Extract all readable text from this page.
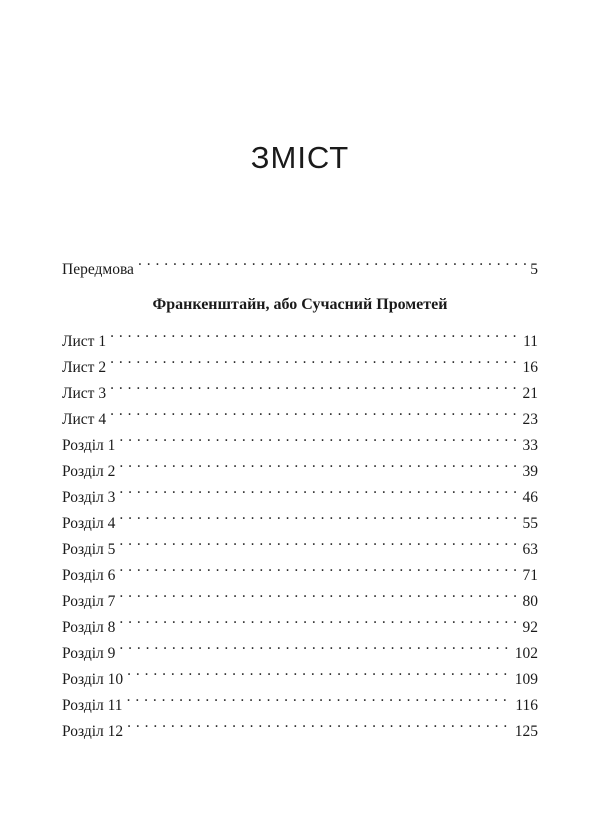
ЗМІСТ
Передмова . . .	5
Франкенштайн, або Сучасний Прометей
Лист 1 . . .	11
Лист 2 . . .	16
Лист 3 . . .	21
Лист 4 . . .	23
Розділ 1 . . .	33
Розділ 2 . . .	39
Розділ 3 . . .	46
Розділ 4 . . .	55
Розділ 5 . . .	63
Розділ 6 . . .	71
Розділ 7 . . .	80
Розділ 8 . . .	92
Розділ 9 . . .	102
Розділ 10 . . .	109
Розділ 11 . . .	116
Розділ 12 . . .	125
